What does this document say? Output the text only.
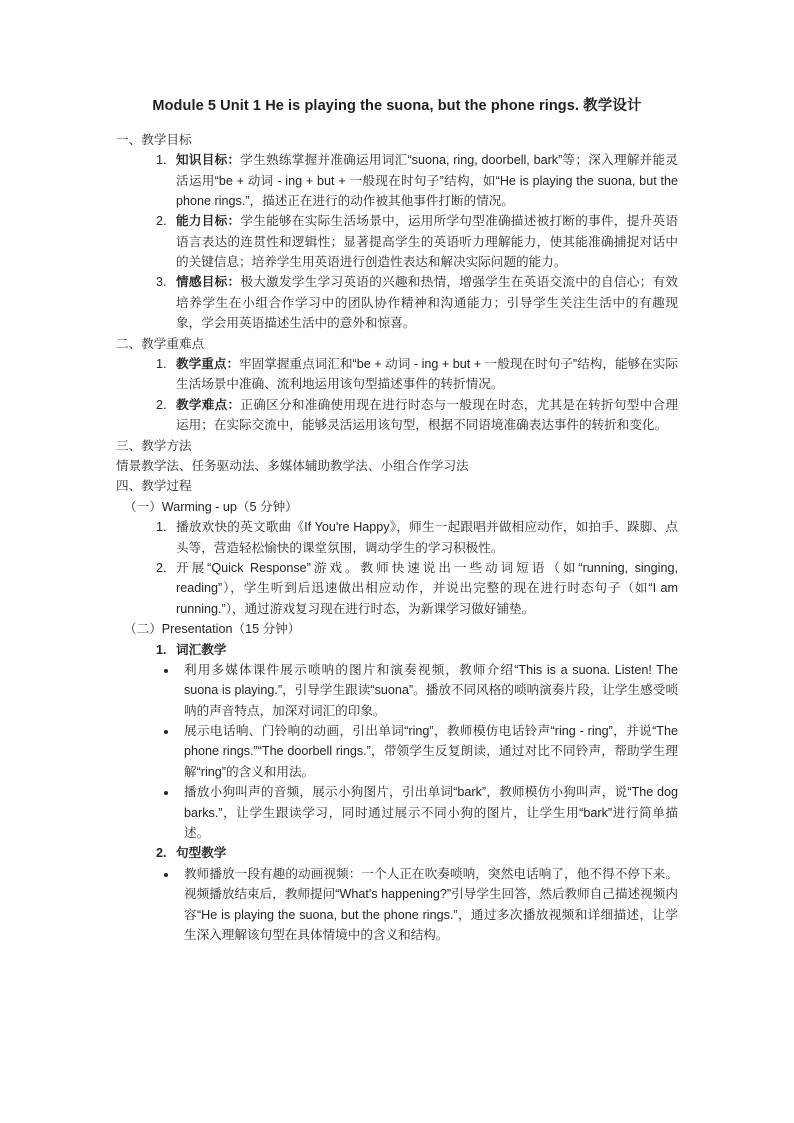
Module 5 Unit 1 He is playing the suona, but the phone rings. 教学设计
一、教学目标
1. 知识目标：学生熟练掌握并准确运用词汇“suona, ring, doorbell, bark”等；深入理解并能灵活运用“be + 动词 - ing + but + 一般现在时句子”结构，如“He is playing the suona, but the phone rings.”，描述正在进行的动作被其他事件打断的情况。
2. 能力目标：学生能够在实际生活场景中，运用所学句型准确描述被打断的事件，提升英语语言表达的连贯性和逻辑性；显著提高学生的英语听力理解能力，使其能准确捕捉对话中的关键信息；培养学生用英语进行创造性表达和解决实际问题的能力。
3. 情感目标：极大激发学生学习英语的兴趣和热情，增强学生在英语交流中的自信心；有效培养学生在小组合作学习中的团队协作精神和沟通能力；引导学生关注生活中的有趣现象，学会用英语描述生活中的意外和惊喜。
二、教学重难点
1. 教学重点：牢固掌握重点词汇和“be + 动词 - ing + but + 一般现在时句子”结构，能够在实际生活场景中准确、流利地运用该句型描述事件的转折情况。
2. 教学难点：正确区分和准确使用现在进行时态与一般现在时态，尤其是在转折句型中合理运用；在实际交流中，能够灵活运用该句型，根据不同语境准确表达事件的转折和变化。
三、教学方法
情景教学法、任务驱动法、多媒体辅助教学法、小组合作学习法
四、教学过程
（一）Warming - up（5 分钟）
1. 播放欢快的英文歌曲《If You're Happy》，师生一起跟唱并做相应动作，如拍手、跺脚、点头等，营造轻松愉快的课堂氛围，调动学生的学习积极性。
2. 开展“Quick Response”游戏。教师快速说出一些动词短语（如“running, singing, reading”），学生听到后迅速做出相应动作，并说出完整的现在进行时态句子（如“I am running.”），通过游戏复习现在进行时态，为新课学习做好铺垫。
（二）Presentation（15 分钟）
1. 词汇教学
• 利用多媒体课件展示唢呐的图片和演奏视频，教师介绍“This is a suona. Listen! The suona is playing.”，引导学生跟读“suona”。播放不同风格的唢呐演奏片段，让学生感受唢呐的声音特点，加深对词汇的印象。
• 展示电话响、门铃响的动画，引出单词“ring”，教师模仿电话铃声“ring - ring”，并说“The phone rings.”“The doorbell rings.”，带领学生反复朗读，通过对比不同铃声，帮助学生理解“ring”的含义和用法。
• 播放小狗叫声的音频，展示小狗图片，引出单词“bark”，教师模仿小狗叫声，说“The dog barks.”，让学生跟读学习，同时通过展示不同小狗的图片，让学生用“bark”进行简单描述。
2. 句型教学
• 教师播放一段有趣的动画视频：一个人正在吹奏唢呐，突然电话响了，他不得不停下来。视频播放结束后，教师提问“What's happening?”引导学生回答，然后教师自己描述视频内容“He is playing the suona, but the phone rings.”，通过多次播放视频和详细描述，让学生深入理解该句型在具体情境中的含义和结构。
